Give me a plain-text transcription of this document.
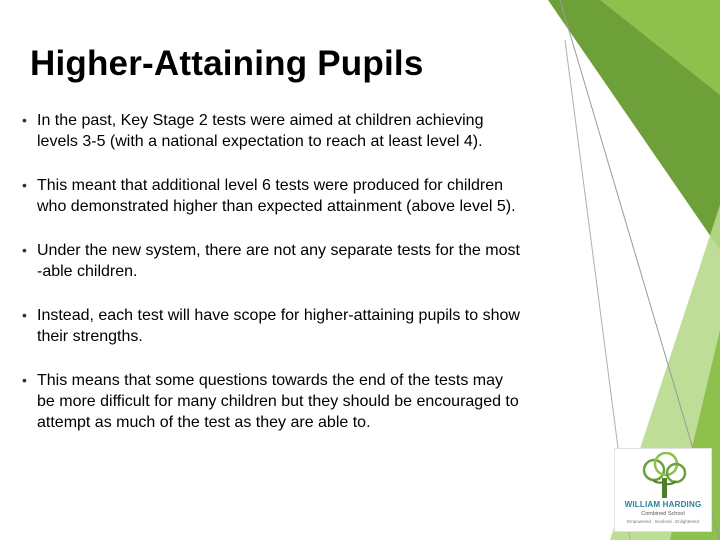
Higher-Attaining Pupils
• In the past, Key Stage 2 tests were aimed at children achieving
levels 3-5 (with a national expectation to reach at least level 4).
• This meant that additional level 6 tests were produced for children
who demonstrated higher than expected attainment (above level 5).
• Under the new system, there are not any separate tests for the most
-able children.
• Instead, each test will have scope for higher-attaining pupils to show
their strengths.
• This means that some questions towards the end of the tests may
be more difficult for many children but they should be encouraged to
attempt as much of the test as they are able to.
WILLIAM HARDING
Combined School
Empowered . Involved . Enlightened
